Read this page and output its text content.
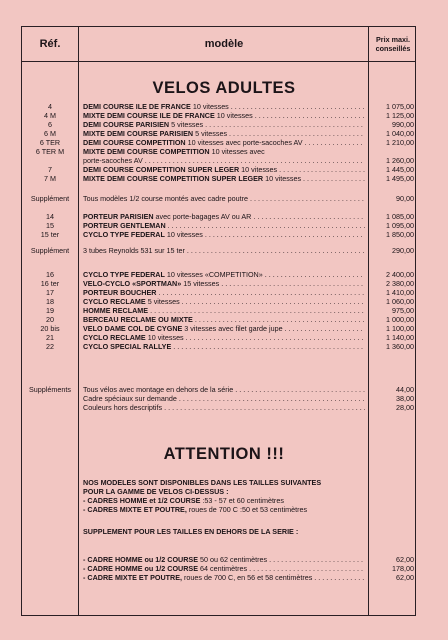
Réf.	modèle	Prix maxi.
conseillés
VELOS ADULTES
4	DEMI COURSE ILE DE FRANCE 10 vitesses . . .	1 075,00
4 M	MIXTE DEMI COURSE ILE DE FRANCE 10 vitesses . . .	1 125,00
6	DEMI COURSE PARISIEN 5 vitesses . . .	990,00
6 M	MIXTE DEMI COURSE PARISIEN 5 vitesses . . .	1 040,00
6 TER	DEMI COURSE COMPETITION 10 vitesses avec porte-sacoches AV . . .	1 210,00
6 TER M	MIXTE DEMI COURSE COMPETITION 10 vitesses avec
porte-sacoches AV . . .	1 260,00
7	DEMI COURSE COMPETITION SUPER LEGER 10 vitesses . . .	1 445,00
7 M	MIXTE DEMI COURSE COMPETITION SUPER LEGER 10 vitesses . . .	1 495,00
Supplément	Tous modèles 1/2 course montés avec cadre poutre . . .	90,00
14	PORTEUR PARISIEN avec porte-bagages AV ou AR . . .	1 085,00
15	PORTEUR GENTLEMAN . . .	1 095,00
15 ter	CYCLO TYPE FEDERAL 10 vitesses . . .	1 850,00
Supplément	3 tubes Reynolds 531 sur 15 ter . . .	290,00
16	CYCLO TYPE FEDERAL 10 vitesses «COMPETITION» . . .	2 400,00
16 ter	VELO-CYCLO «SPORTMAN» 15 vitesses . . .	2 380,00
17	PORTEUR BOUCHER . . .	1 410,00
18	CYCLO RECLAME 5 vitesses . . .	1 060,00
19	HOMME RECLAME . . .	975,00
20	BERCEAU RECLAME OU MIXTE . . .	1 000,00
20 bis	VELO DAME COL DE CYGNE 3 vitesses avec filet garde jupe . . .	1 100,00
21	CYCLO RECLAME 10 vitesses . . .	1 140,00
22	CYCLO SPECIAL RALLYE . . .	1 360,00
Suppléments	Tous vélos avec montage en dehors de la série . . .	44,00
Cadre spéciaux sur demande . . .	38,00
Couleurs hors descriptifs . . .	28,00
ATTENTION !!!
NOS MODELES SONT DISPONIBLES DANS LES TAILLES SUIVANTES
POUR LA GAMME DE VELOS CI-DESSUS :
- CADRES HOMME et 1/2 COURSE :53 - 57 et 60 centimètres
- CADRES MIXTE ET POUTRE, roues de 700 C :50 et 53 centimètres
SUPPLEMENT POUR LES TAILLES EN DEHORS DE LA SERIE :
- CADRE HOMME ou 1/2 COURSE 50 ou 62 centimètres . . .	62,00
- CADRE HOMME ou 1/2 COURSE 64 centimètres . . .	178,00
- CADRE MIXTE ET POUTRE, roues de 700 C, en 56 et 58 centimètres . . .	62,00
